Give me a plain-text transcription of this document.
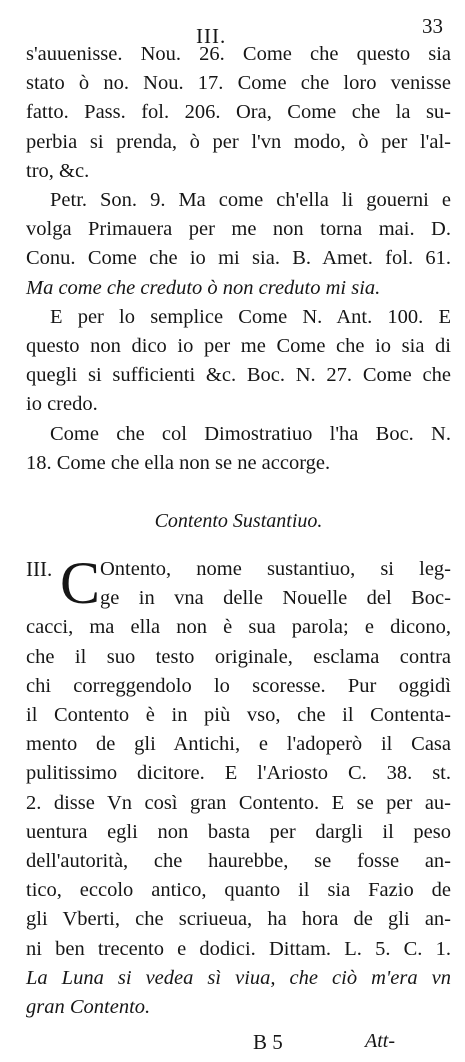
III.	33
s'auuenisse. Nou. 26. Come che questo sia
stato ò no. Nou. 17. Come che loro venisse
fatto. Pass. fol. 206. Ora, Come che la su-
perbia si prenda, ò per l'vn modo, ò per l'al-
tro, &c.
Petr. Son. 9. Ma come ch'ella li gouerni e
volga Primauera per me non torna mai. D.
Conu. Come che io mi sia. B. Amet. fol. 61.
Ma come che creduto ò non creduto mi sia.
E per lo semplice Come N. Ant. 100. E
questo non dico io per me Come che io sia di
quegli si sufficienti &c. Boc. N. 27. Come che
io credo.
Come che col Dimostratiuo l'ha Boc. N.
18. Come che ella non se ne accorge.
Contento Sustantiuo.
III. C Ontento, nome sustantiuo, si leg-
ge in vna delle Nouelle del Boc-
cacci, ma ella non è sua parola; e dicono,
che il suo testo originale, esclama contra
chi correggendolo lo scoresse. Pur oggidì
il Contento è in più vso, che il Contenta-
mento de gli Antichi, e l'adoperò il Casa
pulitissimo dicitore. E l'Ariosto C. 38. st.
2. disse Vn così gran Contento. E se per au-
uentura egli non basta per dargli il peso
dell'autorità, che haurebbe, se fosse an-
tico, eccolo antico, quanto il sia Fazio de
gli Vberti, che scriueua, ha hora de gli an-
ni ben trecento e dodici. Dittam. L. 5. C. 1.
La Luna si vedea sì viua, che ciò m'era vn
gran Contento.
B 5	Att-
